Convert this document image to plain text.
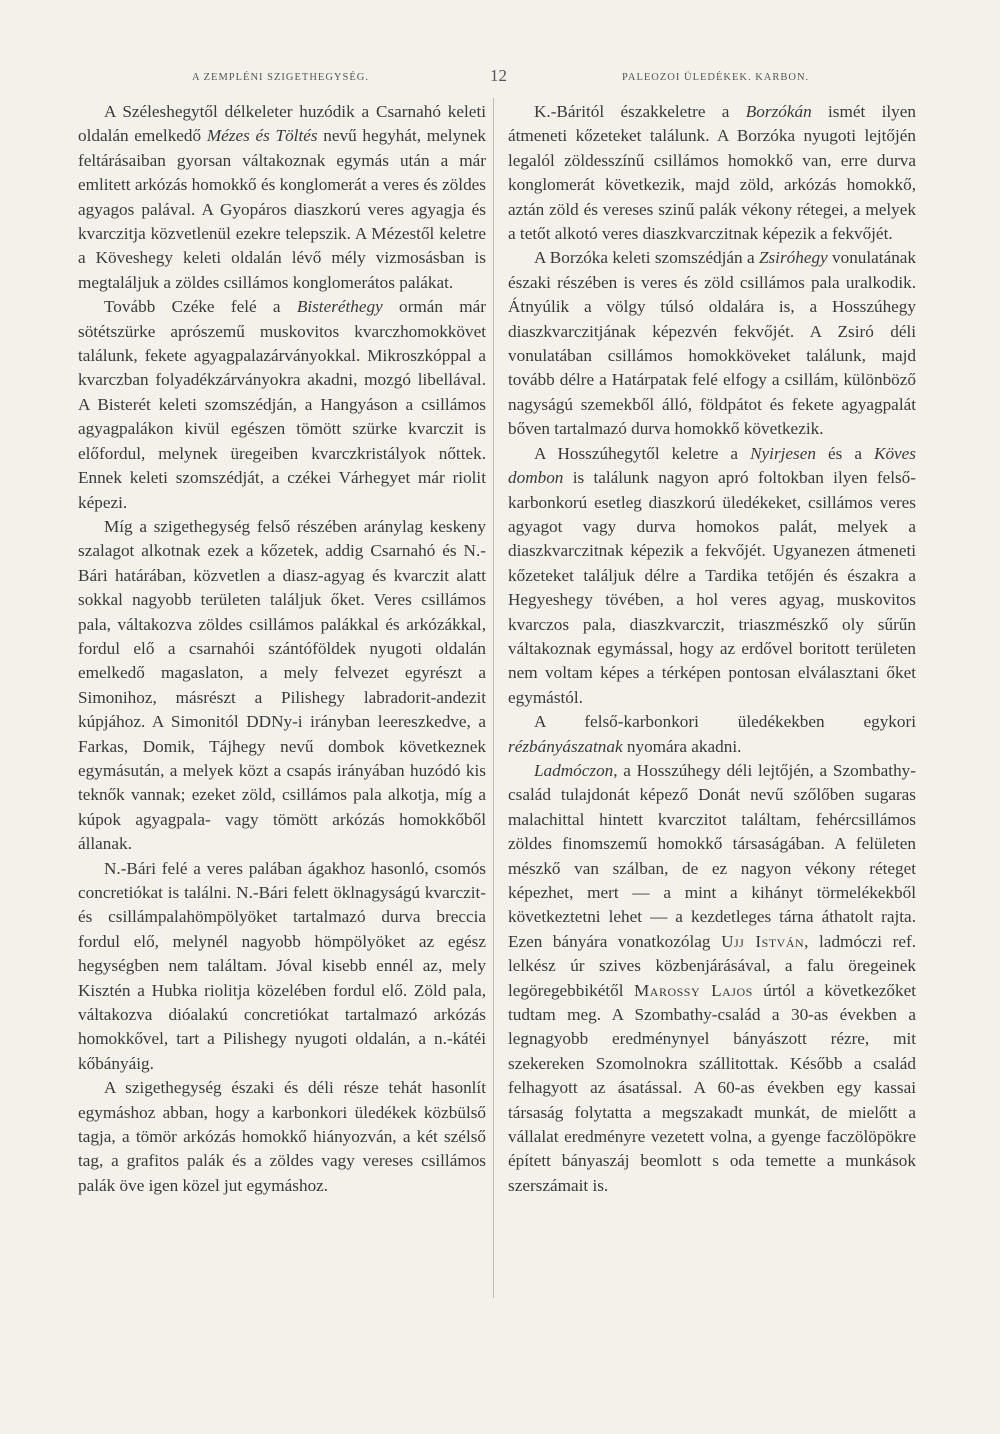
A ZEMPLÉNI SZIGETHEGYSÉG.	12	PALEOZOI ÜLEDÉKEK. KARBON.

A Széleshegytől délkeleter huzódik a Csarnahó keleti oldalán emelkedő Mézes és Töltés nevű hegyhát, melynek feltárásaiban gyorsan váltakoznak egymás után a már emlitett arkózás homokkő és konglomerát a veres és zöldes agyagos palával. A Gyopáros diaszkorú veres agyagja és kvarczitja közvetlenül ezekre telepszik. A Mézestől keletre a Köveshegy keleti oldalán lévő mély vizmosásban is megtaláljuk a zöldes csillámos konglomerátos palákat.

Tovább Czéke felé a Bisteréthegy ormán már sötétszürke aprószemű muskovitos kvarczhomokkövet találunk, fekete agyagpalazárványokkal. Mikroszkóppal a kvarczban folyadékzárványokra akadni, mozgó libellával. A Bisterét keleti szomszédján, a Hangyáson a csillámos agyagpalákon kivül egészen tömött szürke kvarczit is előfordul, melynek üregeiben kvarczkristályok nőttek. Ennek keleti szomszédját, a czékei Várhegyet már riolit képezi.

Míg a szigethegység felső részében aránylag keskeny szalagot alkotnak ezek a kőzetek, addig Csarnahó és N.-Bári határában, közvetlen a diasz-agyag és kvarczit alatt sokkal nagyobb területen találjuk őket. Veres csillámos pala, váltakozva zöldes csillámos palákkal és arkózákkal, fordul elő a csarnahói szántóföldek nyugoti oldalán emelkedő magaslaton, a mely felvezet egyrészt a Simonihoz, másrészt a Pilishegy labradorit-andezit kúpjához. A Simonitól DDNy-i irányban leereszkedve, a Farkas, Domik, Tájhegy nevű dombok következnek egymásután, a melyek közt a csapás irányában huzódó kis teknők vannak; ezeket zöld, csillámos pala alkotja, míg a kúpok agyagpala- vagy tömött arkózás homokkőből állanak.

N.-Bári felé a veres palában ágakhoz hasonló, csomós concretiókat is találni. N.-Bári felett öklnagyságú kvarczit- és csillámpalahömpölyöket tartalmazó durva breccia fordul elő, melynél nagyobb hömpölyöket az egész hegységben nem találtam. Jóval kisebb ennél az, mely Kisztén a Hubka riolitja közelében fordul elő. Zöld pala, váltakozva dióalakú concretiókat tartalmazó arkózás homokkővel, tart a Pilishegy nyugoti oldalán, a n.-kátéi kőbányáig.

A szigethegység északi és déli része tehát hasonlít egymáshoz abban, hogy a karbonkori üledékek közbülső tagja, a tömör arkózás homokkő hiányozván, a két szélső tag, a grafitos palák és a zöldes vagy vereses csillámos palák öve igen közel jut egymáshoz.

K.-Báritól északkeletre a Borzókán ismét ilyen átmeneti kőzeteket találunk. A Borzóka nyugoti lejtőjén legalól zöldesszínű csillámos homokkő van, erre durva konglomerát következik, majd zöld, arkózás homokkő, aztán zöld és vereses szinű palák vékony rétegei, a melyek a tetőt alkotó veres diaszkvarczitnak képezik a fekvőjét.

A Borzóka keleti szomszédján a Zsiróhegy vonulatának északi részében is veres és zöld csillámos pala uralkodik. Átnyúlik a völgy túlsó oldalára is, a Hosszúhegy diaszkvarczitjának képezvén fekvőjét. A Zsiró déli vonulatában csillámos homokköveket találunk, majd tovább délre a Határpatak felé elfogy a csillám, különböző nagyságú szemekből álló, földpátot és fekete agyagpalát bőven tartalmazó durva homokkő következik.

A Hosszúhegytől keletre a Nyirjesen és a Köves dombon is találunk nagyon apró foltokban ilyen felső-karbonkorú esetleg diaszkorú üledékeket, csillámos veres agyagot vagy durva homokos palát, melyek a diaszkvarczitnak képezik a fekvőjét. Ugyanezen átmeneti kőzeteket találjuk délre a Tardika tetőjén és északra a Hegyeshegy tövében, a hol veres agyag, muskovitos kvarczos pala, diaszkvarczit, triaszmészkő oly sűrűn váltakoznak egymással, hogy az erdővel boritott területen nem voltam képes a térképen pontosan elválasztani őket egymástól.

A felső-karbonkori üledékekben egykori rézbányászatnak nyomára akadni.

Ladmóczon, a Hosszúhegy déli lejtőjén, a Szombathy-család tulajdonát képező Donát nevű szőlőben sugaras malachittal hintett kvarczitot találtam, fehércsillámos zöldes finomszemű homokkő társaságában. A felületen mészkő van szálban, de ez nagyon vékony réteget képezhet, mert — a mint a kihányt törmelékekből következtetni lehet — a kezdetleges tárna áthatolt rajta. Ezen bányára vonatkozólag Ujj István, ladmóczi ref. lelkész úr szives közbenjárásával, a falu öregeinek legöregebbikétől Marossy Lajos úrtól a következőket tudtam meg. A Szombathy-család a 30-as években a legnagyobb eredménynyel bányászott rézre, mit szekereken Szomolnokra szállitottak. Később a család felhagyott az ásatással. A 60-as években egy kassai társaság folytatta a megszakadt munkát, de mielőtt a vállalat eredményre vezetett volna, a gyenge faczölöpökre épített bányaszáj beomlott s oda temette a munkások szerszámait is.
